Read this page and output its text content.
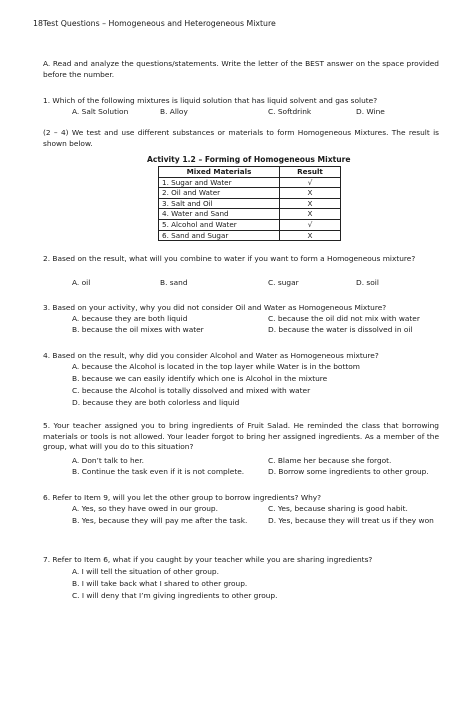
18Test Questions – Homogeneous and Heterogeneous Mixture
A. Read and analyze the questions/statements. Write the letter of the BEST answer on the space provided before the number.
1. Which of the following mixtures is liquid solution that has liquid solvent and gas solute?
A. Salt Solution	B. Alloy	C. Softdrink	D. Wine
(2 – 4) We test and use different substances or materials to form Homogeneous Mixtures. The result is shown below.
Activity 1.2 – Forming of Homogeneous Mixture
Mixed Materials	Result
1. Sugar and Water	√
2. Oil and Water	X
3. Salt and Oil	X
4. Water and Sand	X
5. Alcohol and Water	√
6. Sand and Sugar	X
2. Based on the result, what will you combine to water if you want to form a Homogeneous mixture?
A. oil	B. sand	C. sugar	D. soil
3. Based on your activity, why you did not consider Oil and Water as Homogeneous Mixture?
A. because they are both liquid
B. because the oil mixes with water
C. because the oil did not mix with water
D. because the water is dissolved in oil
4. Based on the result, why did you consider Alcohol and Water as Homogeneous mixture?
A. because the Alcohol is located in the top layer while Water is in the bottom
B. because we can easily identify which one is Alcohol in the mixture
C. because the Alcohol is totally dissolved and mixed with water
D. because they are both colorless and liquid
5. Your teacher assigned you to bring ingredients of Fruit Salad. He reminded the class that borrowing materials or tools is not allowed. Your leader forgot to bring her assigned ingredients. As a member of the group, what will you do to this situation?
A. Don’t talk to her.
B. Continue the task even if it is not complete.
C. Blame her because she forgot.
D. Borrow some ingredients to other group.
6. Refer to Item 9, will you let the other group to borrow ingredients? Why?
A. Yes, so they have owed in our group.
B. Yes, because they will pay me after the task.
C. Yes, because sharing is good habit.
D. Yes, because they will treat us if they won
7. Refer to Item 6, what if you caught by your teacher while you are sharing ingredients?
A. I will tell the situation of other group.
B. I will take back what I shared to other group.
C. I will deny that I’m giving ingredients to other group.
